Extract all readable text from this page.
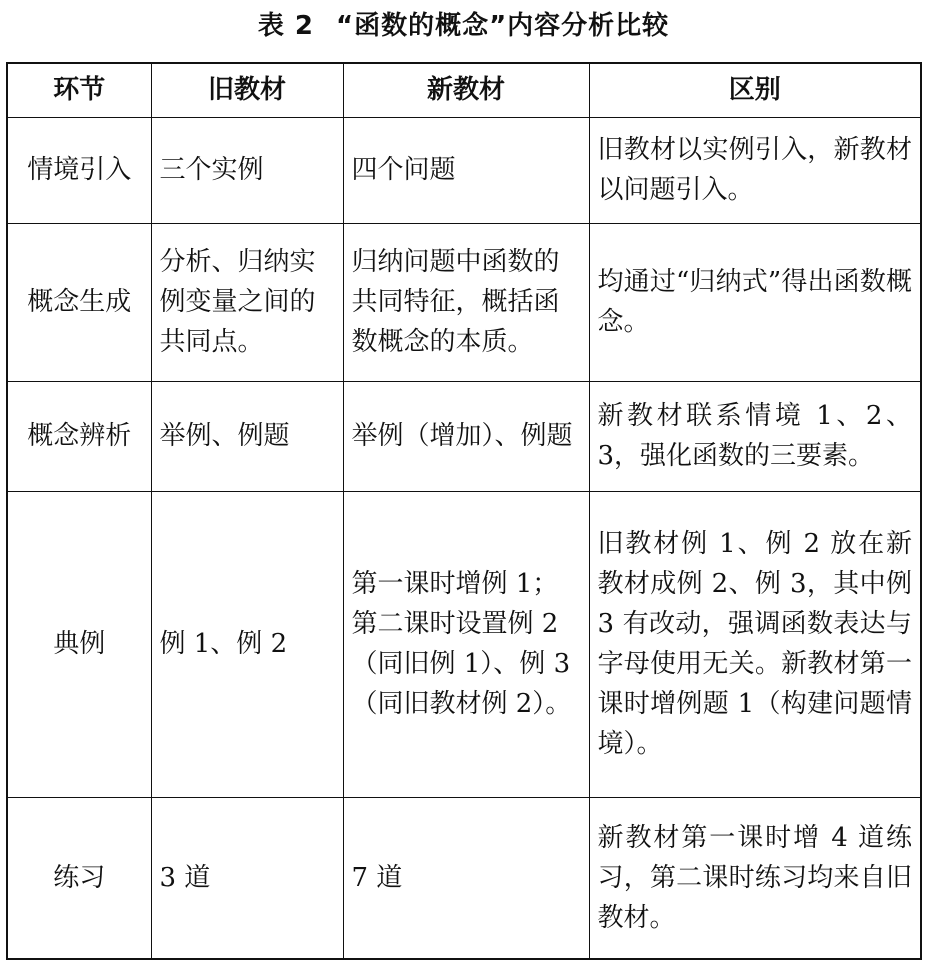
表 2 “函数的概念”内容分析比较
环节	旧教材	新教材	区别
情境引入	三个实例	四个问题	旧教材以实例引入，新教材以问题引入。
概念生成	分析、归纳实例变量之间的共同点。	归纳问题中函数的共同特征，概括函数概念的本质。	均通过“归纳式”得出函数概念。
概念辨析	举例、例题	举例（增加）、例题	新教材联系情境 1、2、3，强化函数的三要素。
典例	例 1、例 2	第一课时增例 1；第二课时设置例 2（同旧例 1）、例 3（同旧教材例 2）。	旧教材例 1、例 2 放在新教材成例 2、例 3，其中例 3 有改动，强调函数表达与字母使用无关。新教材第一课时增例题 1（构建问题情境）。
练习	3 道	7 道	新教材第一课时增 4 道练习，第二课时练习均来自旧教材。
